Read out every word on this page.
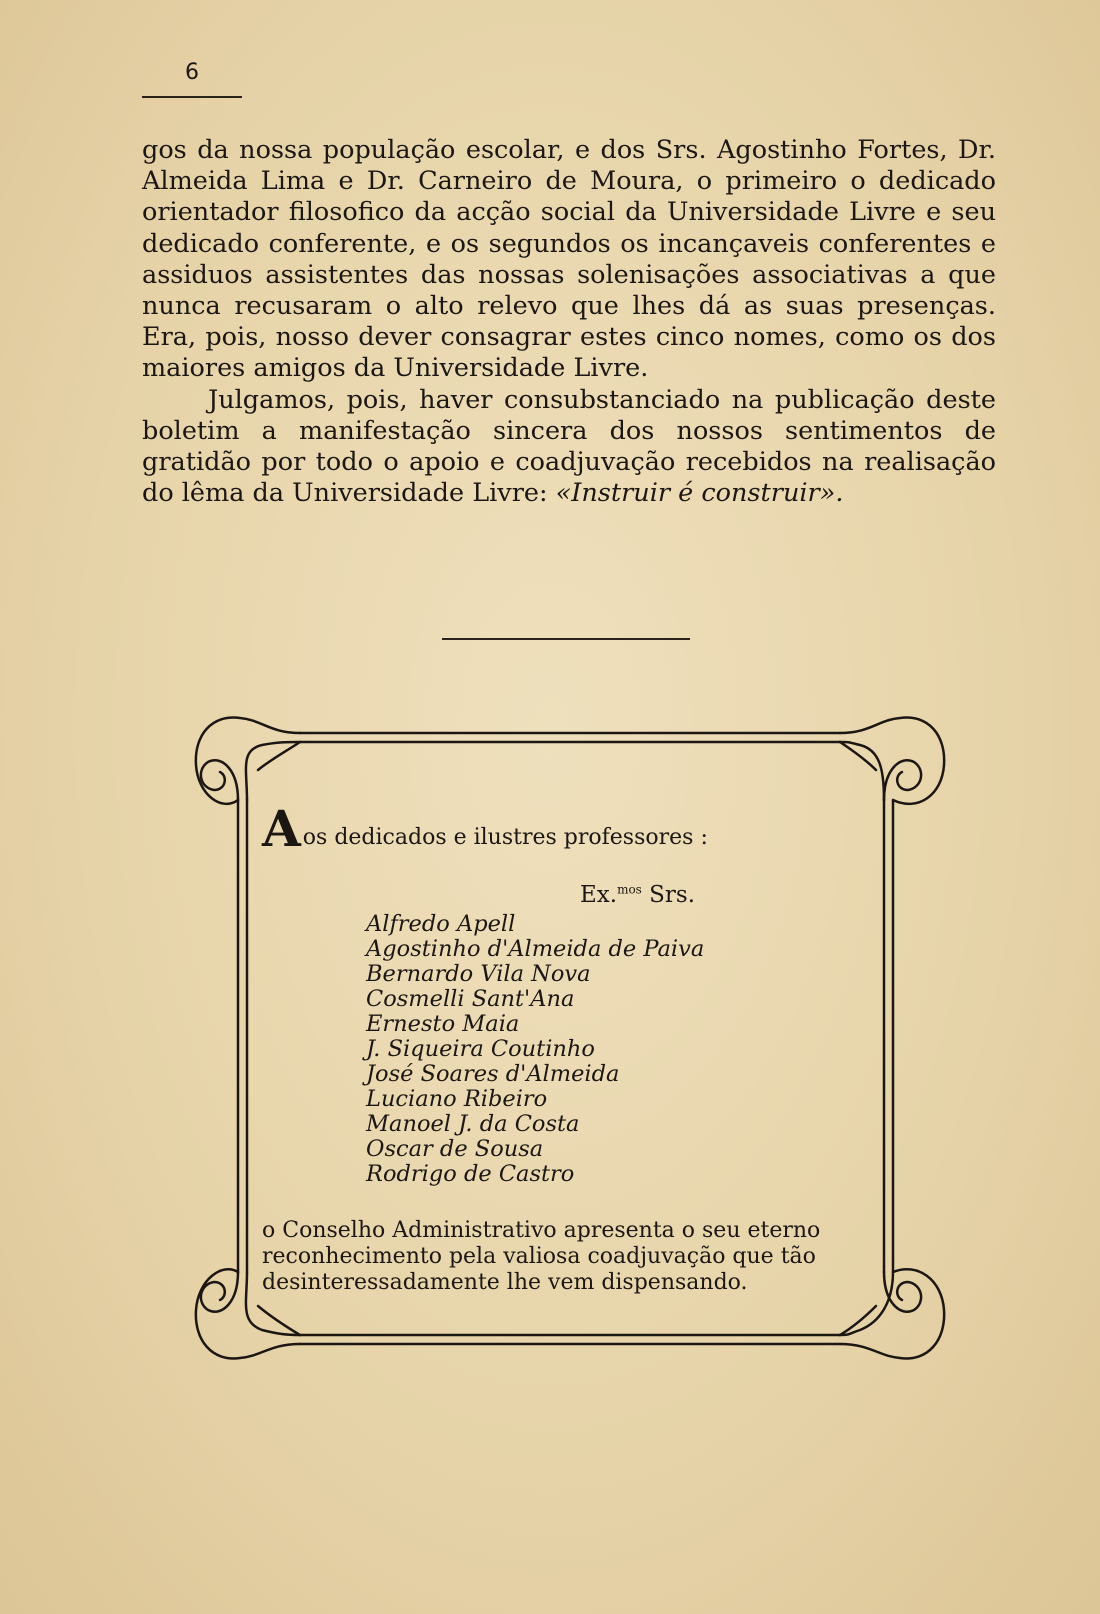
6

gos da nossa população escolar, e dos Srs. Agostinho Fortes, Dr. Almeida Lima e Dr. Carneiro de Moura, o primeiro o dedicado orientador filosofico da acção social da Universidade Livre e seu dedicado conferente, e os segundos os incançaveis conferentes e assiduos assistentes das nossas solenisações associativas a que nunca recusaram o alto relevo que lhes dá as suas presenças. Era, pois, nosso dever consagrar estes cinco nomes, como os dos maiores amigos da Universidade Livre.

Julgamos, pois, haver consubstanciado na publicação deste boletim a manifestação sincera dos nossos sentimentos de gratidão por todo o apoio e coadjuvação recebidos na realisação do lêma da Universidade Livre: «Instruir é construir».

A os dedicados e ilustres professores :
Ex.$^{mos}$ Srs.
Alfredo Apell
Agostinho d'Almeida de Paiva
Bernardo Vila Nova
Cosmelli Sant'Ana
Ernesto Maia
J. Siqueira Coutinho
José Soares d'Almeida
Luciano Ribeiro
Manoel J. da Costa
Oscar de Sousa
Rodrigo de Castro
o Conselho Administrativo apresenta o seu eterno
reconhecimento pela valiosa coadjuvação que tão
desinteressadamente lhe vem dispensando.
